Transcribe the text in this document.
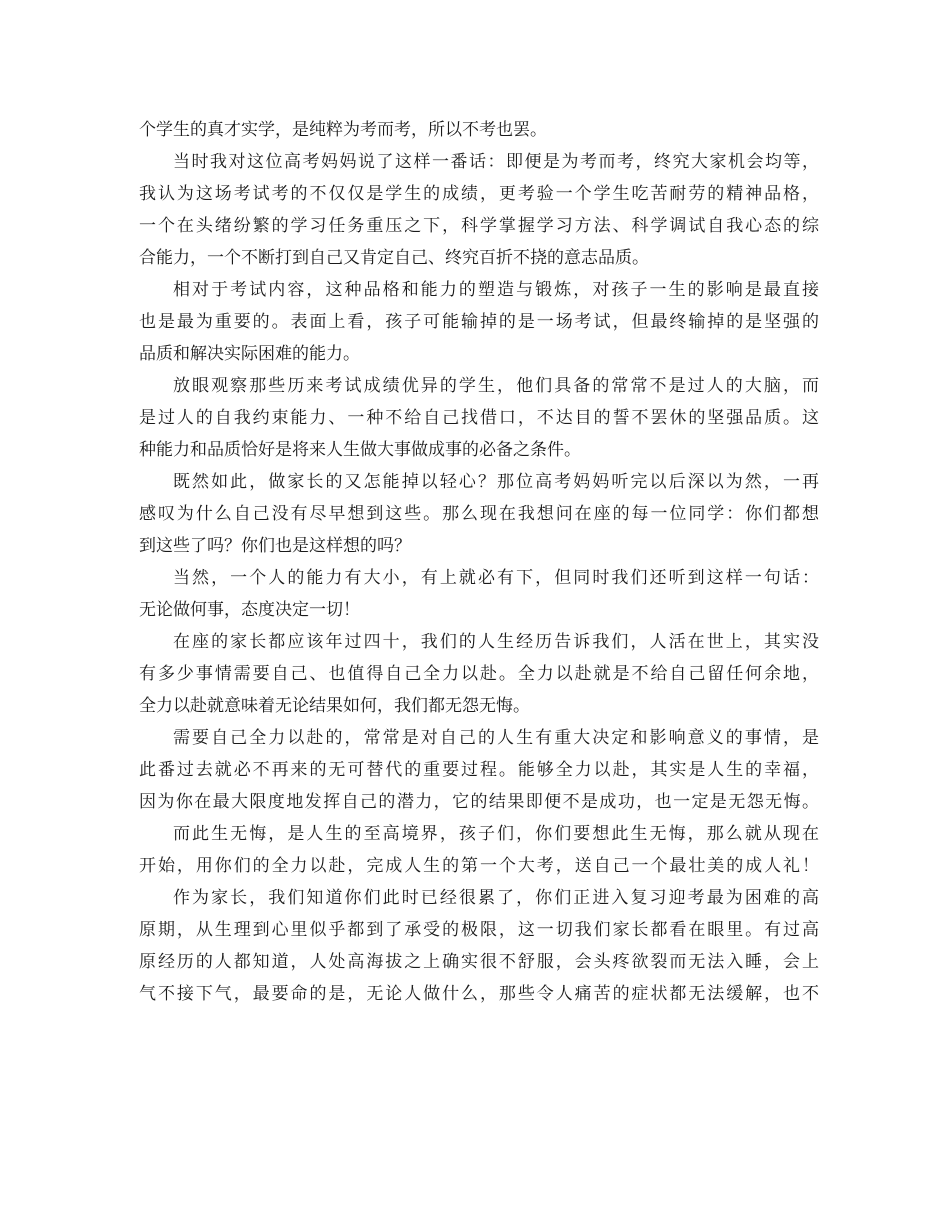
个学生的真才实学，是纯粹为考而考，所以不考也罢。
当时我对这位高考妈妈说了这样一番话：即便是为考而考，终究大家机会均等，
我认为这场考试考的不仅仅是学生的成绩，更考验一个学生吃苦耐劳的精神品格，
一个在头绪纷繁的学习任务重压之下，科学掌握学习方法、科学调试自我心态的综
合能力，一个不断打到自己又肯定自己、终究百折不挠的意志品质。
相对于考试内容，这种品格和能力的塑造与锻炼，对孩子一生的影响是最直接
也是最为重要的。表面上看，孩子可能输掉的是一场考试，但最终输掉的是坚强的
品质和解决实际困难的能力。
放眼观察那些历来考试成绩优异的学生，他们具备的常常不是过人的大脑，而
是过人的自我约束能力、一种不给自己找借口，不达目的誓不罢休的坚强品质。这
种能力和品质恰好是将来人生做大事做成事的必备之条件。
既然如此，做家长的又怎能掉以轻心？那位高考妈妈听完以后深以为然，一再
感叹为什么自己没有尽早想到这些。那么现在我想问在座的每一位同学：你们都想
到这些了吗？你们也是这样想的吗？
当然，一个人的能力有大小，有上就必有下，但同时我们还听到这样一句话：
无论做何事，态度决定一切！
在座的家长都应该年过四十，我们的人生经历告诉我们，人活在世上，其实没
有多少事情需要自己、也值得自己全力以赴。全力以赴就是不给自己留任何余地，
全力以赴就意味着无论结果如何，我们都无怨无悔。
需要自己全力以赴的，常常是对自己的人生有重大决定和影响意义的事情，是
此番过去就必不再来的无可替代的重要过程。能够全力以赴，其实是人生的幸福，
因为你在最大限度地发挥自己的潜力，它的结果即便不是成功，也一定是无怨无悔。
而此生无悔，是人生的至高境界，孩子们，你们要想此生无悔，那么就从现在
开始，用你们的全力以赴，完成人生的第一个大考，送自己一个最壮美的成人礼！
作为家长，我们知道你们此时已经很累了，你们正进入复习迎考最为困难的高
原期，从生理到心里似乎都到了承受的极限，这一切我们家长都看在眼里。有过高
原经历的人都知道，人处高海拔之上确实很不舒服，会头疼欲裂而无法入睡，会上
气不接下气，最要命的是，无论人做什么，那些令人痛苦的症状都无法缓解，也不
